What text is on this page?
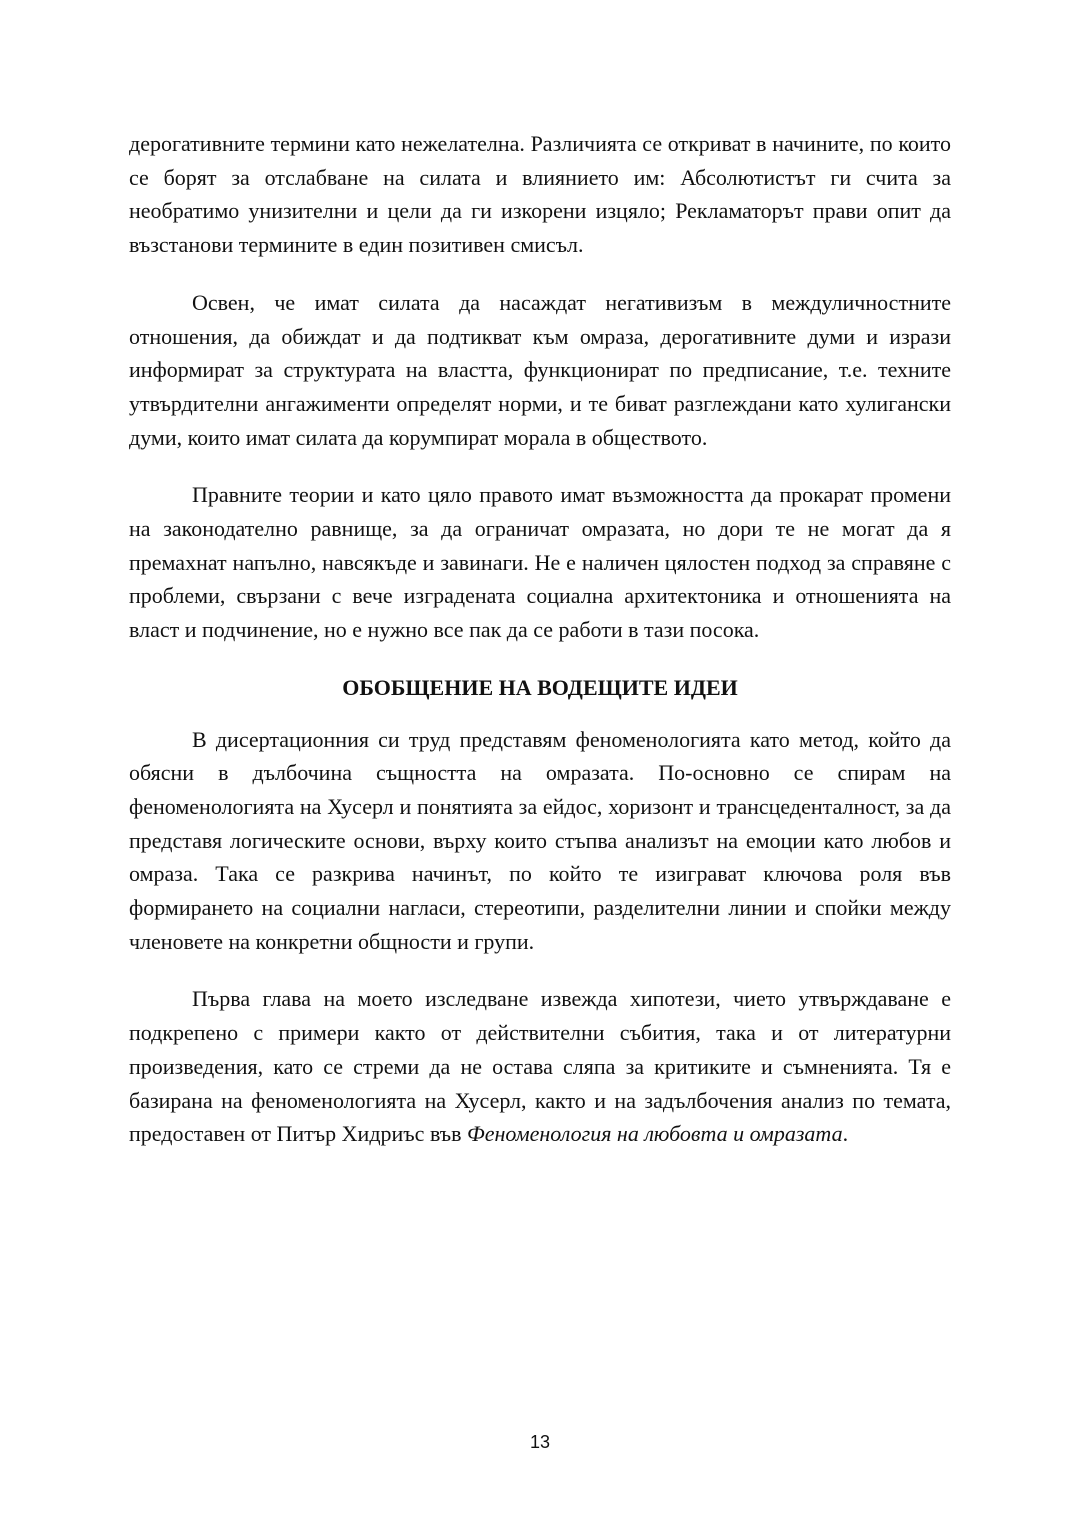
дерогативните термини като нежелателна. Различията се откриват в начините, по които се борят за отслабване на силата и влиянието им: Абсолютистът ги счита за необратимо унизителни и цели да ги изкорени изцяло; Рекламаторът прави опит да възстанови термините в един позитивен смисъл.

Освен, че имат силата да насаждат негативизъм в междуличностните отношения, да обиждат и да подтикват към омраза, дерогативните думи и изрази информират за структурата на властта, функционират по предписание, т.е. техните утвърдителни ангажименти определят норми, и те биват разглеждани като хулигански думи, които имат силата да корумпират морала в обществото.

Правните теории и като цяло правото имат възможността да прокарат промени на законодателно равнище, за да ограничат омразата, но дори те не могат да я премахнат напълно, навсякъде и завинаги. Не е наличен цялостен подход за справяне с проблеми, свързани с вече изградената социална архитектоника и отношенията на власт и подчинение, но е нужно все пак да се работи в тази посока.

ОБОБЩЕНИЕ НА ВОДЕЩИТЕ ИДЕИ

В дисертационния си труд представям феноменологията като метод, който да обясни в дълбочина същността на омразата. По-основно се спирам на феноменологията на Хусерл и понятията за ейдос, хоризонт и трансцеденталност, за да представя логическите основи, върху които стъпва анализът на емоции като любов и омраза. Така се разкрива начинът, по който те изиграват ключова роля във формирането на социални нагласи, стереотипи, разделителни линии и спойки между членовете на конкретни общности и групи.

Първа глава на моето изследване извежда хипотези, чието утвърждаване е подкрепено с примери както от действителни събития, така и от литературни произведения, като се стреми да не остава сляпа за критиките и съмненията. Тя е базирана на феноменологията на Хусерл, както и на задълбочения анализ по темата, предоставен от Питър Хидриъс във Феноменология на любовта и омразата.

13
